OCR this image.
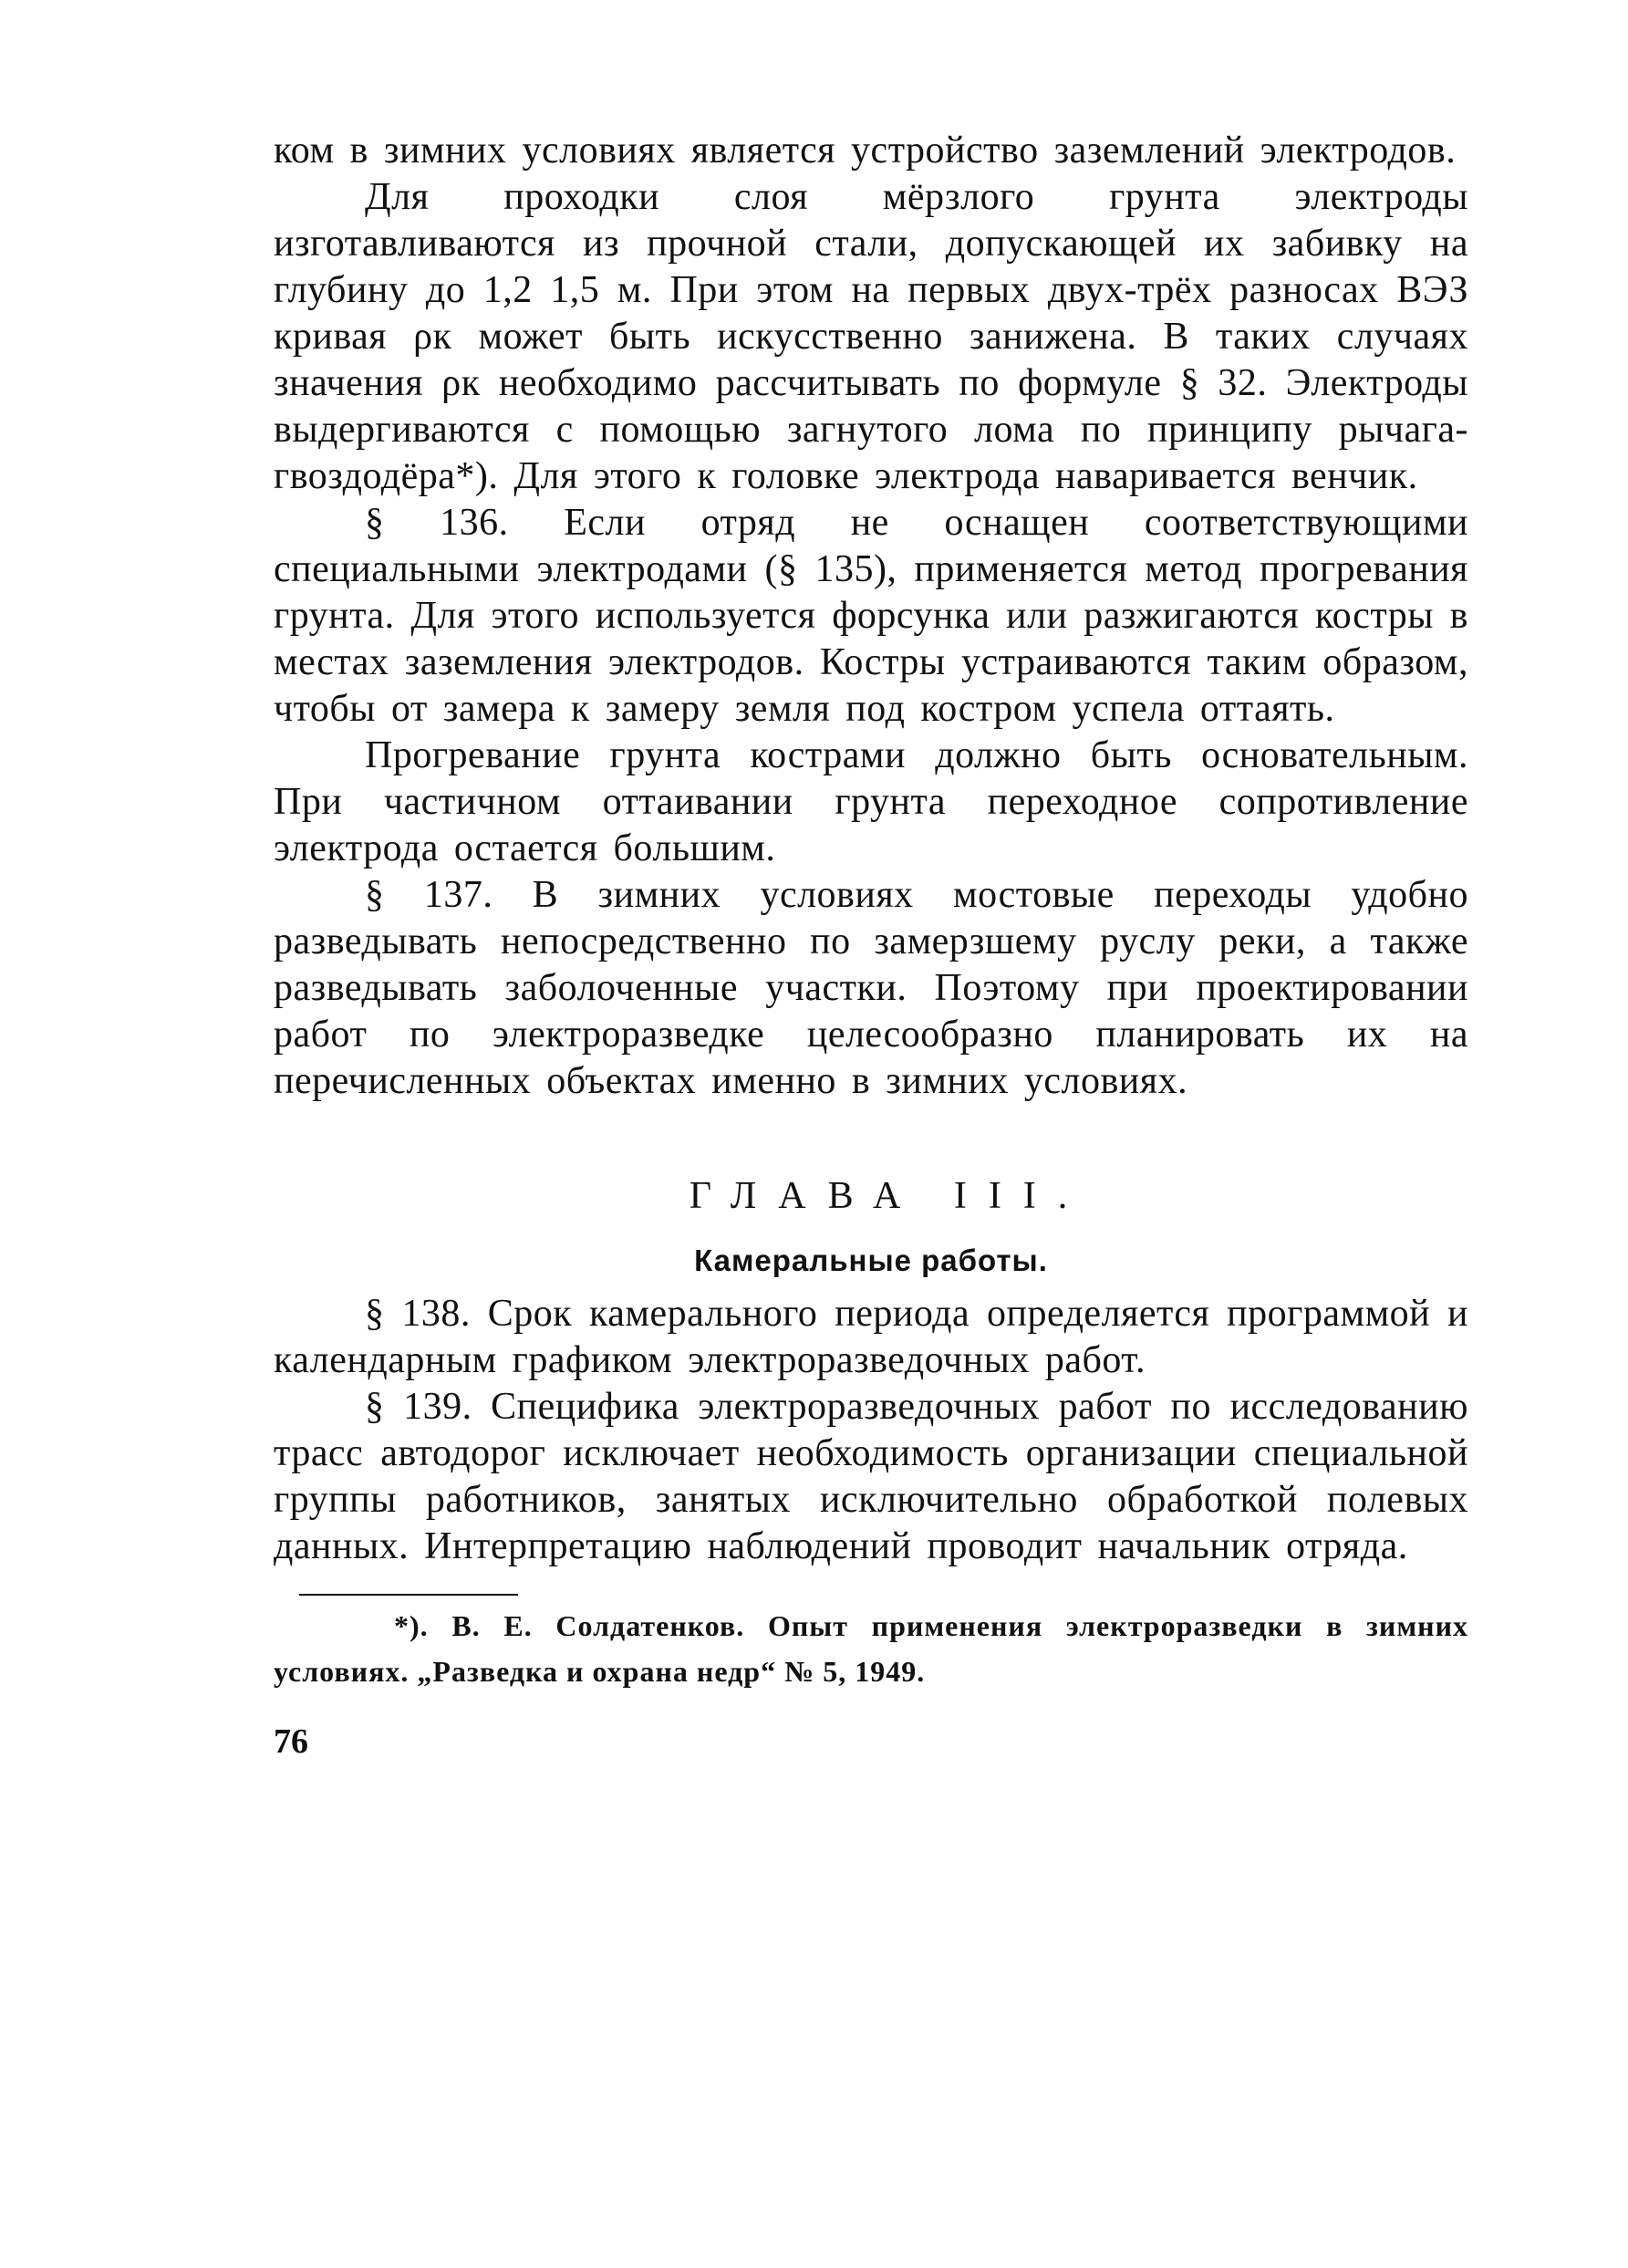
ком в зимних условиях является устройство заземлений электродов.

Для проходки слоя мёрзлого грунта электроды изготавливаются из прочной стали, допускающей их забивку на глубину до 1,2 1,5 м. При этом на первых двух-трёх разносах ВЭЗ кривая ρк может быть искусственно занижена. В таких случаях значения ρк необходимо рассчитывать по формуле § 32. Электроды выдергиваются с помощью загнутого лома по принципу рычага-гвоздодёра*). Для этого к головке электрода наваривается венчик.

§ 136. Если отряд не оснащен соответствующими специальными электродами (§ 135), применяется метод прогревания грунта. Для этого используется форсунка или разжигаются костры в местах заземления электродов. Костры устраиваются таким образом, чтобы от замера к замеру земля под костром успела оттаять.

Прогревание грунта кострами должно быть основательным. При частичном оттаивании грунта переходное сопротивление электрода остается большим.

§ 137. В зимних условиях мостовые переходы удобно разведывать непосредственно по замерзшему руслу реки, а также разведывать заболоченные участки. Поэтому при проектировании работ по электроразведке целесообразно планировать их на перечисленных объектах именно в зимних условиях.

ГЛАВА III.
Камеральные работы.

§ 138. Срок камерального периода определяется программой и календарным графиком электроразведочных работ.

§ 139. Специфика электроразведочных работ по исследованию трасс автодорог исключает необходимость организации специальной группы работников, занятых исключительно обработкой полевых данных. Интерпретацию наблюдений проводит начальник отряда.

*). В. Е. Солдатенков. Опыт применения электроразведки в зимних условиях. „Разведка и охрана недр“ № 5, 1949.

76
